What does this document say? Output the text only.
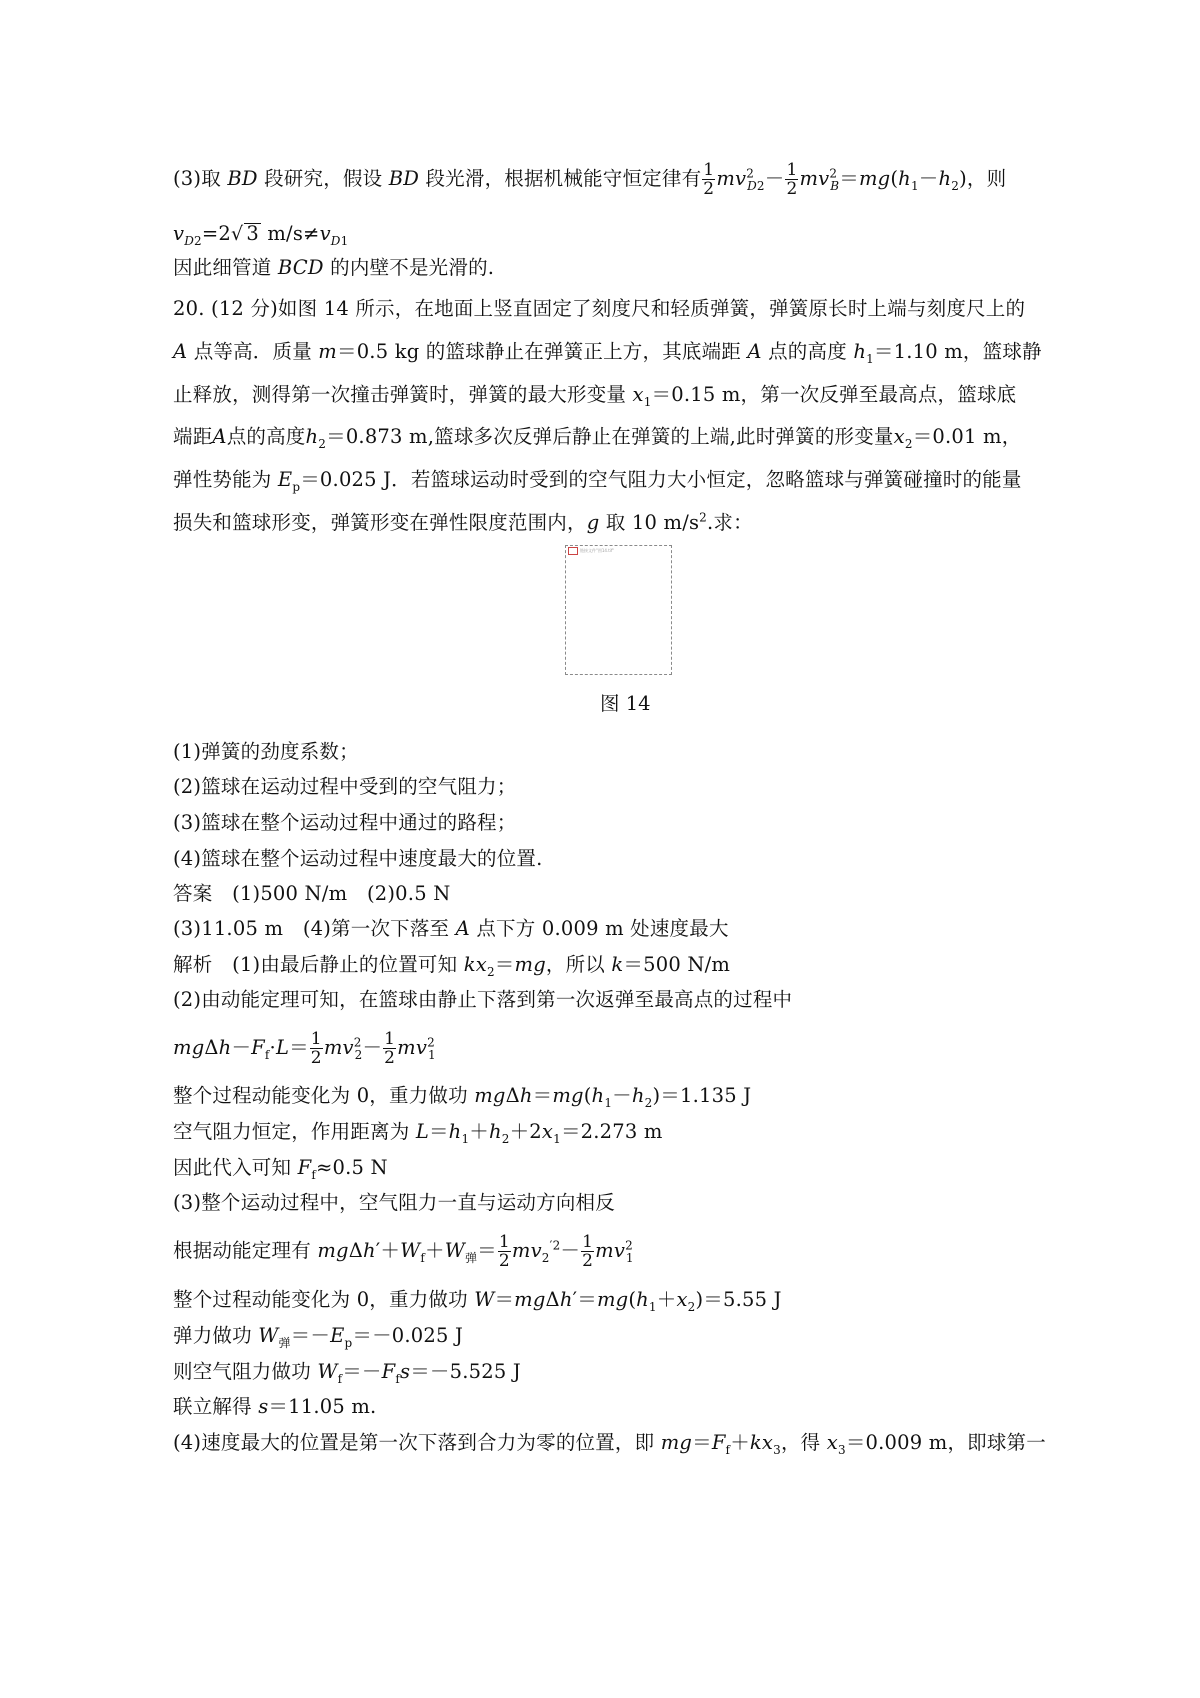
(3)取 BD 段研究，假设 BD 段光滑，根据机械能守恒定律有 $\frac{1}{2} mv^2_{D2}- \frac{1}{2} mv^2_B=mg(h_1-h_2)$，则
$v_{D2}=2√$ 3 $m/s\ne v_{D1}$
因此细管道 BCD 的内壁不是光滑的.
20. (12 分)如图 14 所示，在地面上竖直固定了刻度尺和轻质弹簧，弹簧原长时上端与刻度尺上的
A 点等高．质量 m＝0.5 kg 的篮球静止在弹簧正上方，其底端距 A 点的高度 $h_1=1.10$ m，篮球静
止释放，测得第一次撞击弹簧时，弹簧的最大形变量 $x_1=0.15$ m，第一次反弹至最高点，篮球底
端距A点的高度$h_2=0.873$ m,篮球多次反弹后静止在弹簧的上端,此时弹簧的形变量$x_2=0.01$ m，
弹性势能为 $E_p=0.025$ J．若篮球运动时受到的空气阻力大小恒定，忽略篮球与弹簧碰撞时的能量
损失和篮球形变，弹簧形变在弹性限度范围内，g 取 10 $m/s^2$.求：
链接文件"图14.tif"
图 14
(1)弹簧的劲度系数；
(2)篮球在运动过程中受到的空气阻力；
(3)篮球在整个运动过程中通过的路程；
(4)篮球在整个运动过程中速度最大的位置.
答案　(1)500 N/m　(2)0.5 N
(3)11.05 m　(4)第一次下落至 A 点下方 0.009 m 处速度最大
解析　(1)由最后静止的位置可知 $kx_2=mg$，所以 k＝500 N/m
(2)由动能定理可知，在篮球由静止下落到第一次返弹至最高点的过程中
$mg\Delta h-F_f\cdot L= \frac{1}{2} mv^2_2- \frac{1}{2} mv^2_1$
整个过程动能变化为 0，重力做功 $mg\Delta h=mg(h_1-h_2)=1.135$ J
空气阻力恒定，作用距离为 $L=h_1+h_2+2x_1=2.273$ m
因此代入可知 $F_f\approx 0.5$ N
(3)整个运动过程中，空气阻力一直与运动方向相反
根据动能定理有 $mg\Delta h'+W_f+W_弹= \frac{1}{2} mv_2^{'2}- \frac{1}{2} mv^2_1$
整个过程动能变化为 0，重力做功 $W=mg\Delta h'=mg(h_1+x_2)=5.55$ J
弹力做功 $W_弹=-E_p=-0.025$ J
则空气阻力做功 $W_f=-F_fs=-5.525$ J
联立解得 s＝11.05 m.
(4)速度最大的位置是第一次下落到合力为零的位置，即 $mg=F_f+kx_3$，得 $x_3=0.009$ m，即球第一
